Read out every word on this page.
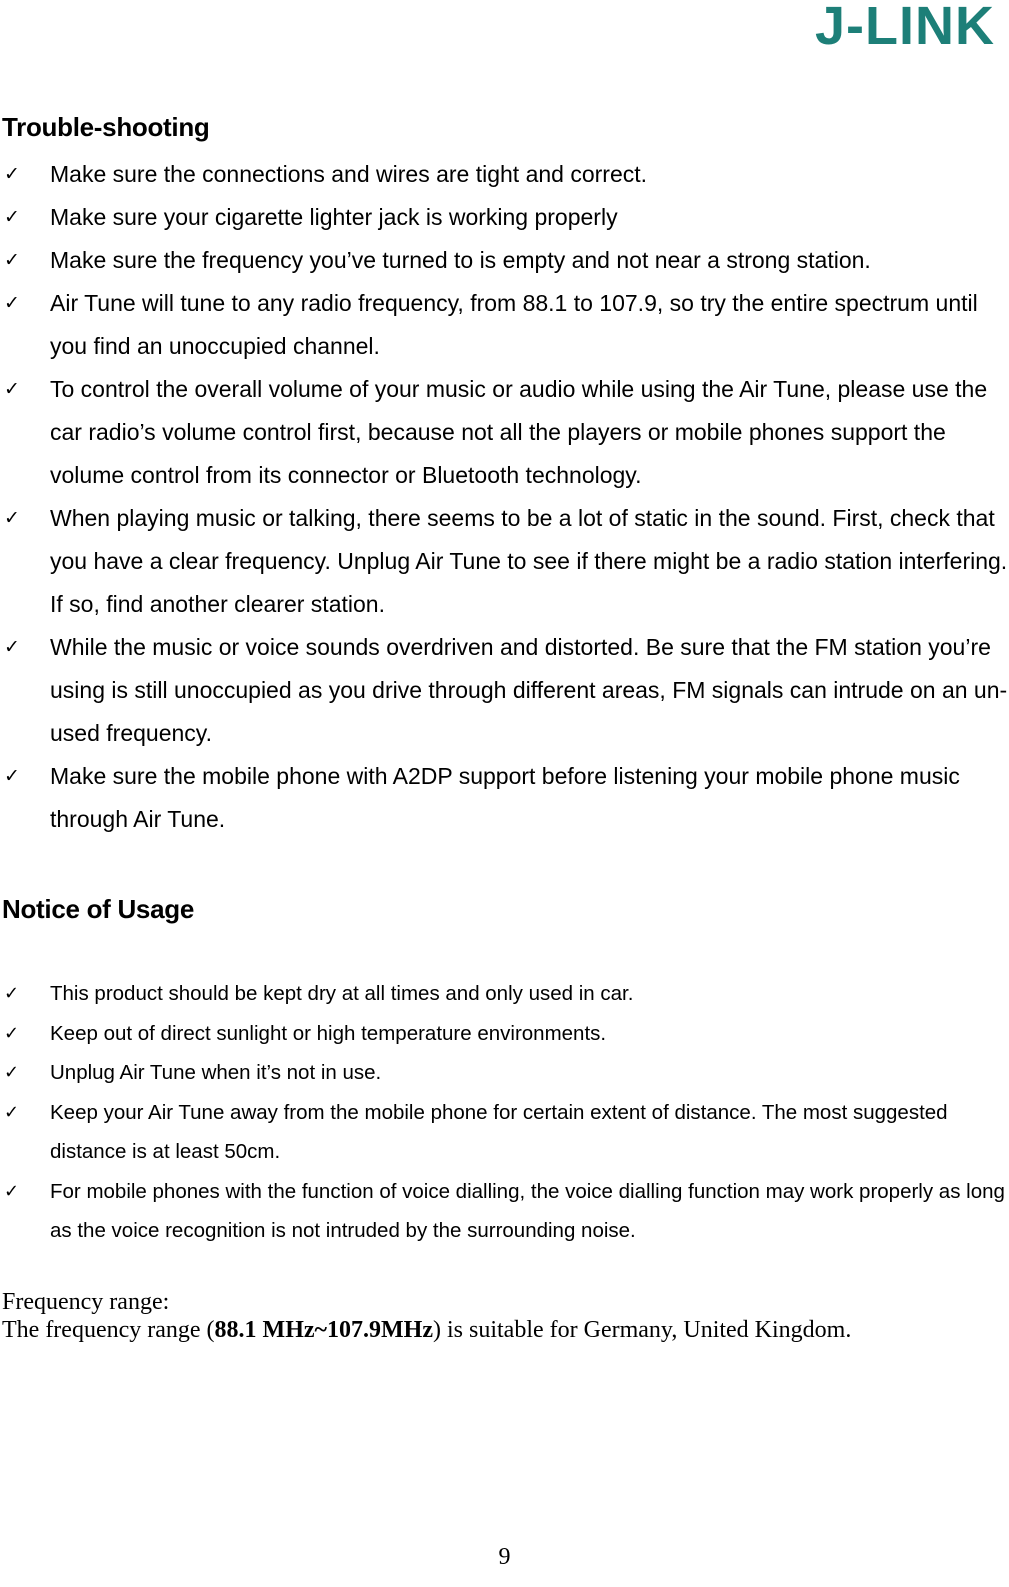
J-LINK
Trouble-shooting
✓ Make sure the connections and wires are tight and correct.
✓ Make sure your cigarette lighter jack is working properly
✓ Make sure the frequency you’ve turned to is empty and not near a strong station.
✓ Air Tune will tune to any radio frequency, from 88.1 to 107.9, so try the entire spectrum until you find an unoccupied channel.
✓ To control the overall volume of your music or audio while using the Air Tune, please use the car radio’s volume control first, because not all the players or mobile phones support the volume control from its connector or Bluetooth technology.
✓ When playing music or talking, there seems to be a lot of static in the sound. First, check that you have a clear frequency. Unplug Air Tune to see if there might be a radio station interfering. If so, find another clearer station.
✓ While the music or voice sounds overdriven and distorted. Be sure that the FM station you’re using is still unoccupied as you drive through different areas, FM signals can intrude on an un-used frequency.
✓ Make sure the mobile phone with A2DP support before listening your mobile phone music through Air Tune.
Notice of Usage
✓ This product should be kept dry at all times and only used in car.
✓ Keep out of direct sunlight or high temperature environments.
✓ Unplug Air Tune when it’s not in use.
✓ Keep your Air Tune away from the mobile phone for certain extent of distance. The most suggested distance is at least 50cm.
✓ For mobile phones with the function of voice dialling, the voice dialling function may work properly as long as the voice recognition is not intruded by the surrounding noise.
Frequency range:
The frequency range (88.1 MHz~107.9MHz) is suitable for Germany, United Kingdom.
9
